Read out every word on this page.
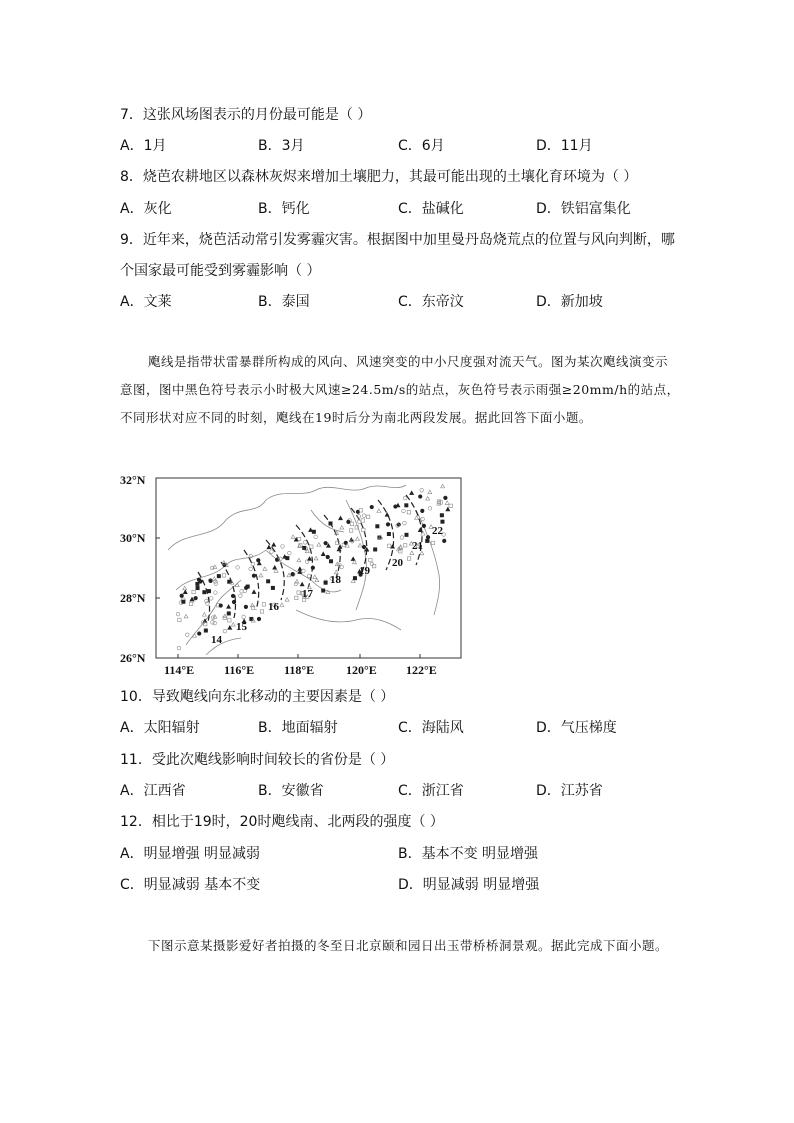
7．这张风场图表示的月份最可能是（ ）
A．1月	B．3月	C．6月	D．11月
8．烧芭农耕地区以森林灰烬来增加土壤肥力，其最可能出现的土壤化育环境为（ ）
A．灰化	B．钙化	C．盐碱化	D．铁铝富集化
9．近年来，烧芭活动常引发雾霾灾害。根据图中加里曼丹岛烧荒点的位置与风向判断，哪
个国家最可能受到雾霾影响（ ）
A．文莱	B．泰国	C．东帝汶	D．新加坡
飑线是指带状雷暴群所构成的风向、风速突变的中小尺度强对流天气。图为某次飑线演变示意图，图中黑色符号表示小时极大风速≥24.5m/s的站点，灰色符号表示雨强≥20mm/h的站点，不同形状对应不同的时刻，飑线在19时后分为南北两段发展。据此回答下面小题。
32°N
30°N
28°N
26°N
14
15
16
17
18
19
20
21
22
114°E 116°E 118°E	120°E 122°E
10．导致飑线向东北移动的主要因素是（ ）
A．太阳辐射	B．地面辐射	C．海陆风	D．气压梯度
11．受此次飑线影响时间较长的省份是（ ）
A．江西省	B．安徽省	C．浙江省	D．江苏省
12．相比于19时，20时飑线南、北两段的强度（ ）
A．明显增强 明显减弱	B．基本不变 明显增强
C．明显减弱 基本不变	D．明显减弱 明显增强
下图示意某摄影爱好者拍摄的冬至日北京颐和园日出玉带桥桥洞景观。据此完成下面小题。
